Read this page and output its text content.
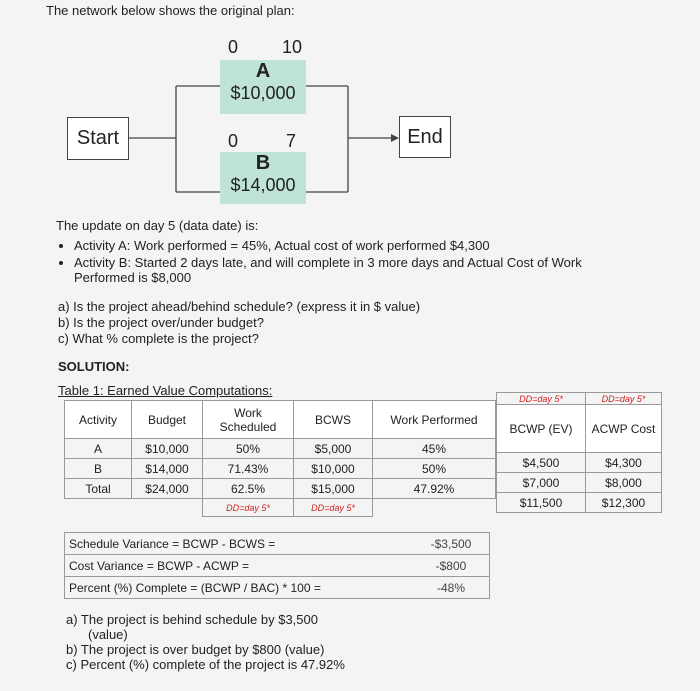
The network below shows the original plan:
Start	End
0 10
A
$10,000
0	7
B
$14,000
The update on day 5 (data date) is:
• Activity A: Work performed = 45%, Actual cost of work performed $4,300
• Activity B: Started 2 days late, and will complete in 3 more days and Actual Cost of Work Performed is $8,000
a) Is the project ahead/behind schedule? (express it in $ value)
b) Is the project over/under budget?
c) What % complete is the project?
SOLUTION:
Table 1: Earned Value Computations:
Activity	Budget	Work Scheduled	BCWS	Work Performed
A	$10,000	50%	$5,000	45%
B	$14,000	71.43%	$10,000	50%
Total	$24,000	62.5%	$15,000	47.92%
		DD=day 5*	DD=day 5*	
DD=day 5*	DD=day 5*
BCWP (EV)	ACWP Cost
$4,500	$4,300
$7,000	$8,000
$11,500	$12,300
Schedule Variance = BCWP - BCWS =	-$3,500
Cost Variance = BCWP - ACWP =	-$800
Percent (%) Complete = (BCWP / BAC) * 100 =	-48%
a) The project is behind schedule by $3,500
(value)
b) The project is over budget by $800 (value)
c) Percent (%) complete of the project is 47.92%
